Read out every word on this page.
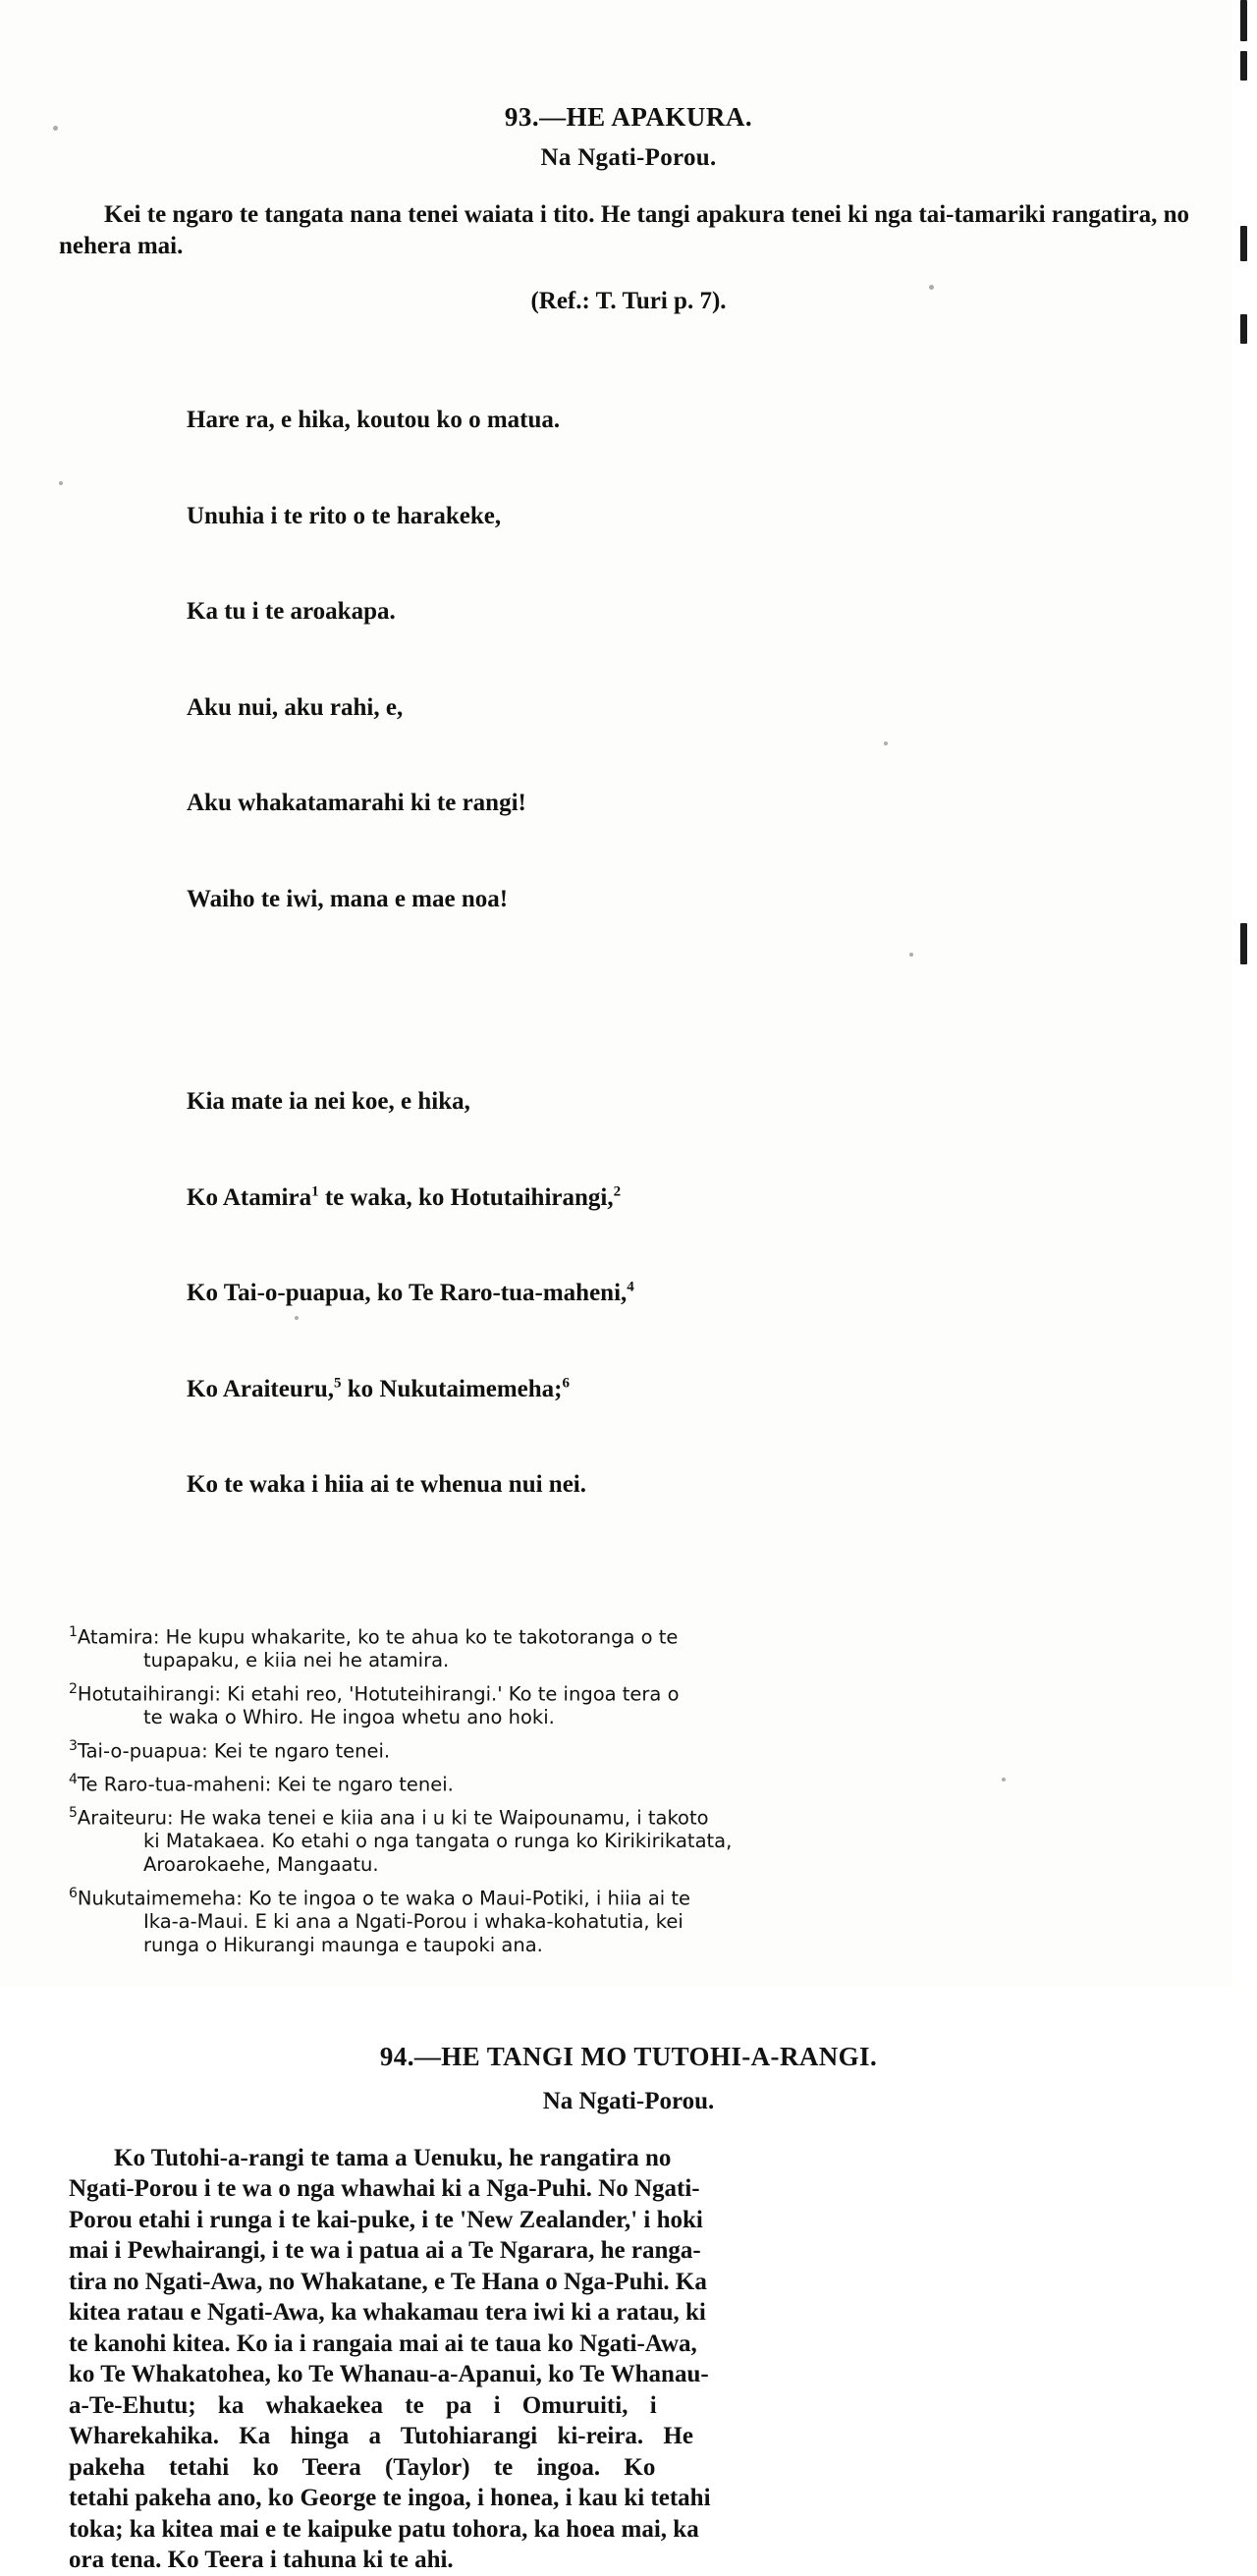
93.—HE APAKURA.
Na Ngati-Porou.

Kei te ngaro te tangata nana tenei waiata i tito. He tangi apakura tenei ki nga tai-tamariki rangatira, no nehera mai.

(Ref.: T. Turi p. 7).

Hare ra, e hika, koutou ko o matua.

Unuhia i te rito o te harakeke,

Ka tu i te aroakapa.

Aku nui, aku rahi, e,

Aku whakatamarahi ki te rangi!

Waiho te iwi, mana e mae noa!

Kia mate ia nei koe, e hika,

Ko Atamira$^1$ te waka, ko Hotutaihirangi,$^2$

Ko Tai-o-puapua, ko Te Raro-tua-maheni,$^4$

Ko Araiteuru,$^5$ ko Nukutaimemeha;$^6$

Ko te waka i hiia ai te whenua nui nei.

$^1$Atamira: He kupu whakarite, ko te ahua ko te takotoranga o te
tupapaku, e kiia nei he atamira.
$^2$Hotutaihirangi: Ki etahi reo, 'Hotuteihirangi.' Ko te ingoa tera o
te waka o Whiro. He ingoa whetu ano hoki.
$^3$Tai-o-puapua: Kei te ngaro tenei.
$^4$Te Raro-tua-maheni: Kei te ngaro tenei.
$^5$Araiteuru: He waka tenei e kiia ana i u ki te Waipounamu, i takoto
ki Matakaea. Ko etahi o nga tangata o runga ko Kirikirikatata,
Aroarokaehe, Mangaatu.
$^6$Nukutaimemeha: Ko te ingoa o te waka o Maui-Potiki, i hiia ai te
Ika-a-Maui. E ki ana a Ngati-Porou i whaka-kohatutia, kei
runga o Hikurangi maunga e taupoki ana.
94.—HE TANGI MO TUTOHI-A-RANGI.
Na Ngati-Porou.
Ko Tutohi-a-rangi te tama a Uenuku, he rangatira no
Ngati-Porou i te wa o nga whawhai ki a Nga-Puhi. No Ngati-
Porou etahi i runga i te kai-puke, i te 'New Zealander,' i hoki
mai i Pewhairangi, i te wa i patua ai a Te Ngarara, he ranga-
tira no Ngati-Awa, no Whakatane, e Te Hana o Nga-Puhi. Ka
kitea ratau e Ngati-Awa, ka whakamau tera iwi ki a ratau, ki
te kanohi kitea. Ko ia i rangaia mai ai te taua ko Ngati-Awa,
ko Te Whakatohea, ko Te Whanau-a-Apanui, ko Te Whanau-
a-Te-Ehutu; ka whakaekea te pa i Omuruiti, i
Wharekahika. Ka hinga a Tutohiarangi ki-reira. He
pakeha tetahi ko Teera (Taylor) te ingoa. Ko
tetahi pakeha ano, ko George te ingoa, i honea, i kau ki tetahi
toka; ka kitea mai e te kaipuke patu tohora, ka hoea mai, ka
ora tena. Ko Teera i tahuna ki te ahi.
